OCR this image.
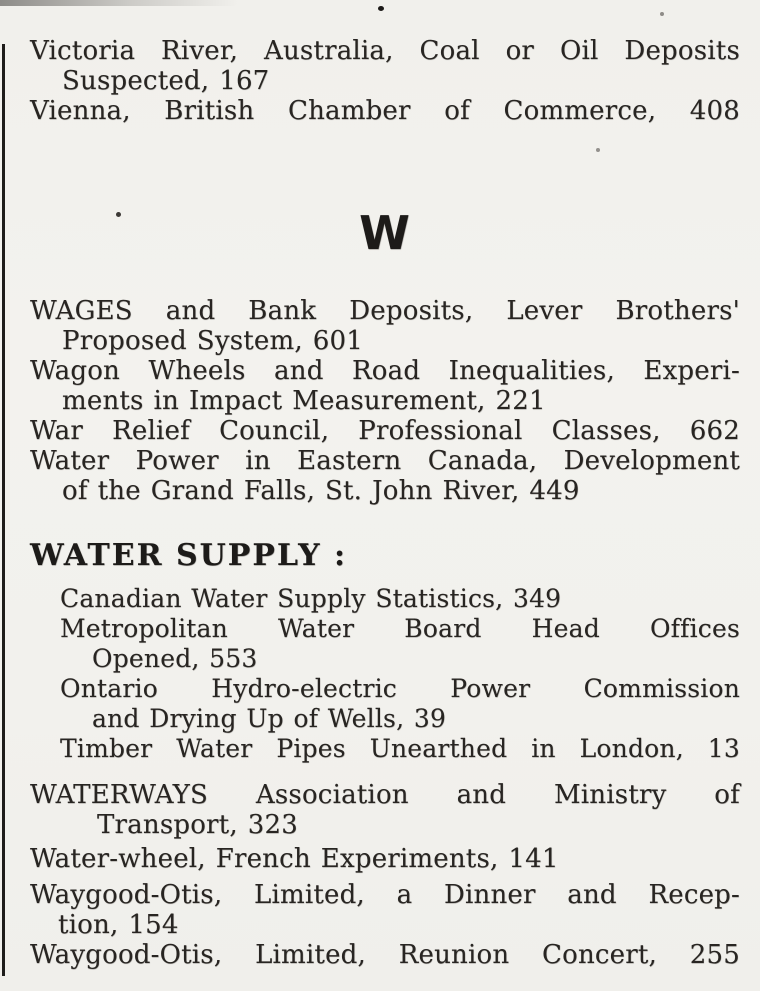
Victoria River, Australia, Coal or Oil Deposits
Suspected, 167
Vienna, British Chamber of Commerce, 408
W
WAGES and Bank Deposits, Lever Brothers'
Proposed System, 601
Wagon Wheels and Road Inequalities, Experi-
ments in Impact Measurement, 221
War Relief Council, Professional Classes, 662
Water Power in Eastern Canada, Development
of the Grand Falls, St. John River, 449
WATER SUPPLY :
Canadian Water Supply Statistics, 349
Metropolitan Water Board Head Offices
Opened, 553
Ontario Hydro-electric Power Commission
and Drying Up of Wells, 39
Timber Water Pipes Unearthed in London, 13
WATERWAYS Association and Ministry of
Transport, 323
Water-wheel, French Experiments, 141
Waygood-Otis, Limited, a Dinner and Recep-
tion, 154
Waygood-Otis, Limited, Reunion Concert, 255
